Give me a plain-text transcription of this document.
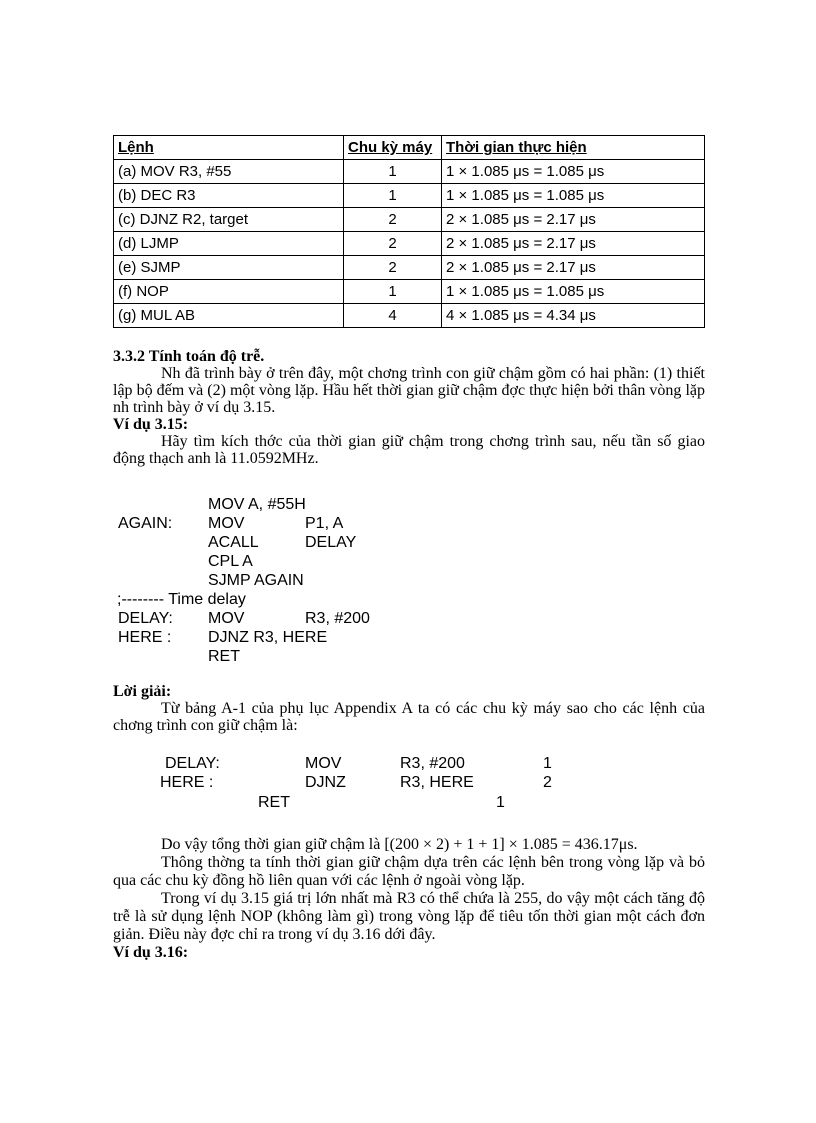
Lệnh	Chu kỳ máy	Thời gian thực hiện
(a) MOV R3, #55	1	1 × 1.085 μs = 1.085 μs
(b) DEC R3	1	1 × 1.085 μs = 1.085 μs
(c) DJNZ R2, target	2	2 × 1.085 μs = 2.17 μs
(d) LJMP	2	2 × 1.085 μs = 2.17 μs
(e) SJMP	2	2 × 1.085 μs = 2.17 μs
(f) NOP	1	1 × 1.085 μs = 1.085 μs
(g) MUL AB	4	4 × 1.085 μs = 4.34 μs
3.3.2 Tính toán độ trễ.
Nh đã trình bày ở trên đây, một chơng trình con giữ chậm gồm có hai phần: (1) thiết lập bộ đếm và (2) một vòng lặp. Hầu hết thời gian giữ chậm đợc thực hiện bởi thân vòng lặp nh trình bày ở ví dụ 3.15.
Ví dụ 3.15:
Hãy tìm kích thớc của thời gian giữ chậm trong chơng trình sau, nếu tần số giao động thạch anh là 11.0592MHz.
MOV A, #55H
AGAIN: MOV	P1, A
ACALL	DELAY
CPL A
SJMP AGAIN
;-------- Time delay
DELAY: MOV	R3, #200
HERE : DJNZ R3, HERE
RET
Lời giải:
Từ bảng A-1 của phụ lục Appendix A ta có các chu kỳ máy sao cho các lệnh của chơng trình con giữ chậm là:
DELAY:	MOV	R3, #200	1
HERE :	DJNZ	R3, HERE	2
RET	1
Do vậy tổng thời gian giữ chậm là [(200 × 2) + 1 + 1] × 1.085 = 436.17μs.
Thông thờng ta tính thời gian giữ chậm dựa trên các lệnh bên trong vòng lặp và bỏ qua các chu kỳ đồng hồ liên quan với các lệnh ở ngoài vòng lặp.
Trong ví dụ 3.15 giá trị lớn nhất mà R3 có thể chứa là 255, do vậy một cách tăng độ trễ là sử dụng lệnh NOP (không làm gì) trong vòng lặp để tiêu tốn thời gian một cách đơn giản. Điều này đợc chỉ ra trong ví dụ 3.16 dới đây.
Ví dụ 3.16:
